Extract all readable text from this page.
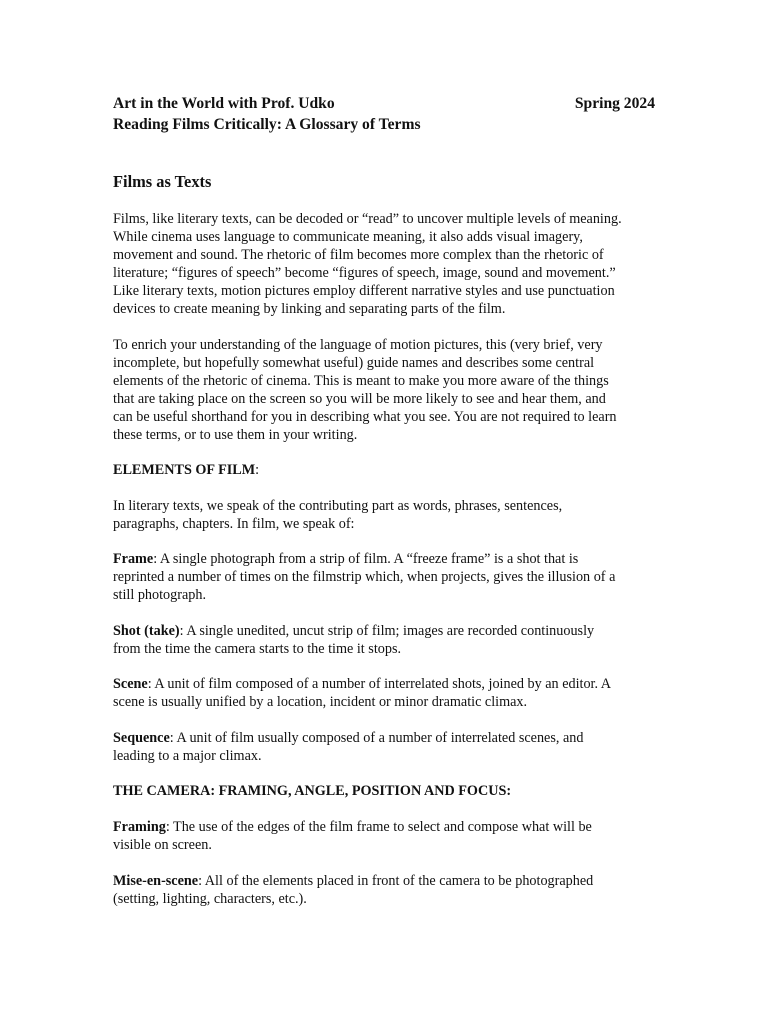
Art in the World with Prof. Udko	Spring 2024
Reading Films Critically: A Glossary of Terms
Films as Texts
Films, like literary texts, can be decoded or “read” to uncover multiple levels of meaning.
While cinema uses language to communicate meaning, it also adds visual imagery,
movement and sound. The rhetoric of film becomes more complex than the rhetoric of
literature; “figures of speech” become “figures of speech, image, sound and movement.”
Like literary texts, motion pictures employ different narrative styles and use punctuation
devices to create meaning by linking and separating parts of the film.
To enrich your understanding of the language of motion pictures, this (very brief, very
incomplete, but hopefully somewhat useful) guide names and describes some central
elements of the rhetoric of cinema. This is meant to make you more aware of the things
that are taking place on the screen so you will be more likely to see and hear them, and
can be useful shorthand for you in describing what you see. You are not required to learn
these terms, or to use them in your writing.
ELEMENTS OF FILM:
In literary texts, we speak of the contributing part as words, phrases, sentences,
paragraphs, chapters. In film, we speak of:
Frame: A single photograph from a strip of film. A “freeze frame” is a shot that is
reprinted a number of times on the filmstrip which, when projects, gives the illusion of a
still photograph.
Shot (take): A single unedited, uncut strip of film; images are recorded continuously
from the time the camera starts to the time it stops.
Scene: A unit of film composed of a number of interrelated shots, joined by an editor. A
scene is usually unified by a location, incident or minor dramatic climax.
Sequence: A unit of film usually composed of a number of interrelated scenes, and
leading to a major climax.
THE CAMERA: FRAMING, ANGLE, POSITION AND FOCUS:
Framing: The use of the edges of the film frame to select and compose what will be
visible on screen.
Mise-en-scene: All of the elements placed in front of the camera to be photographed
(setting, lighting, characters, etc.).
